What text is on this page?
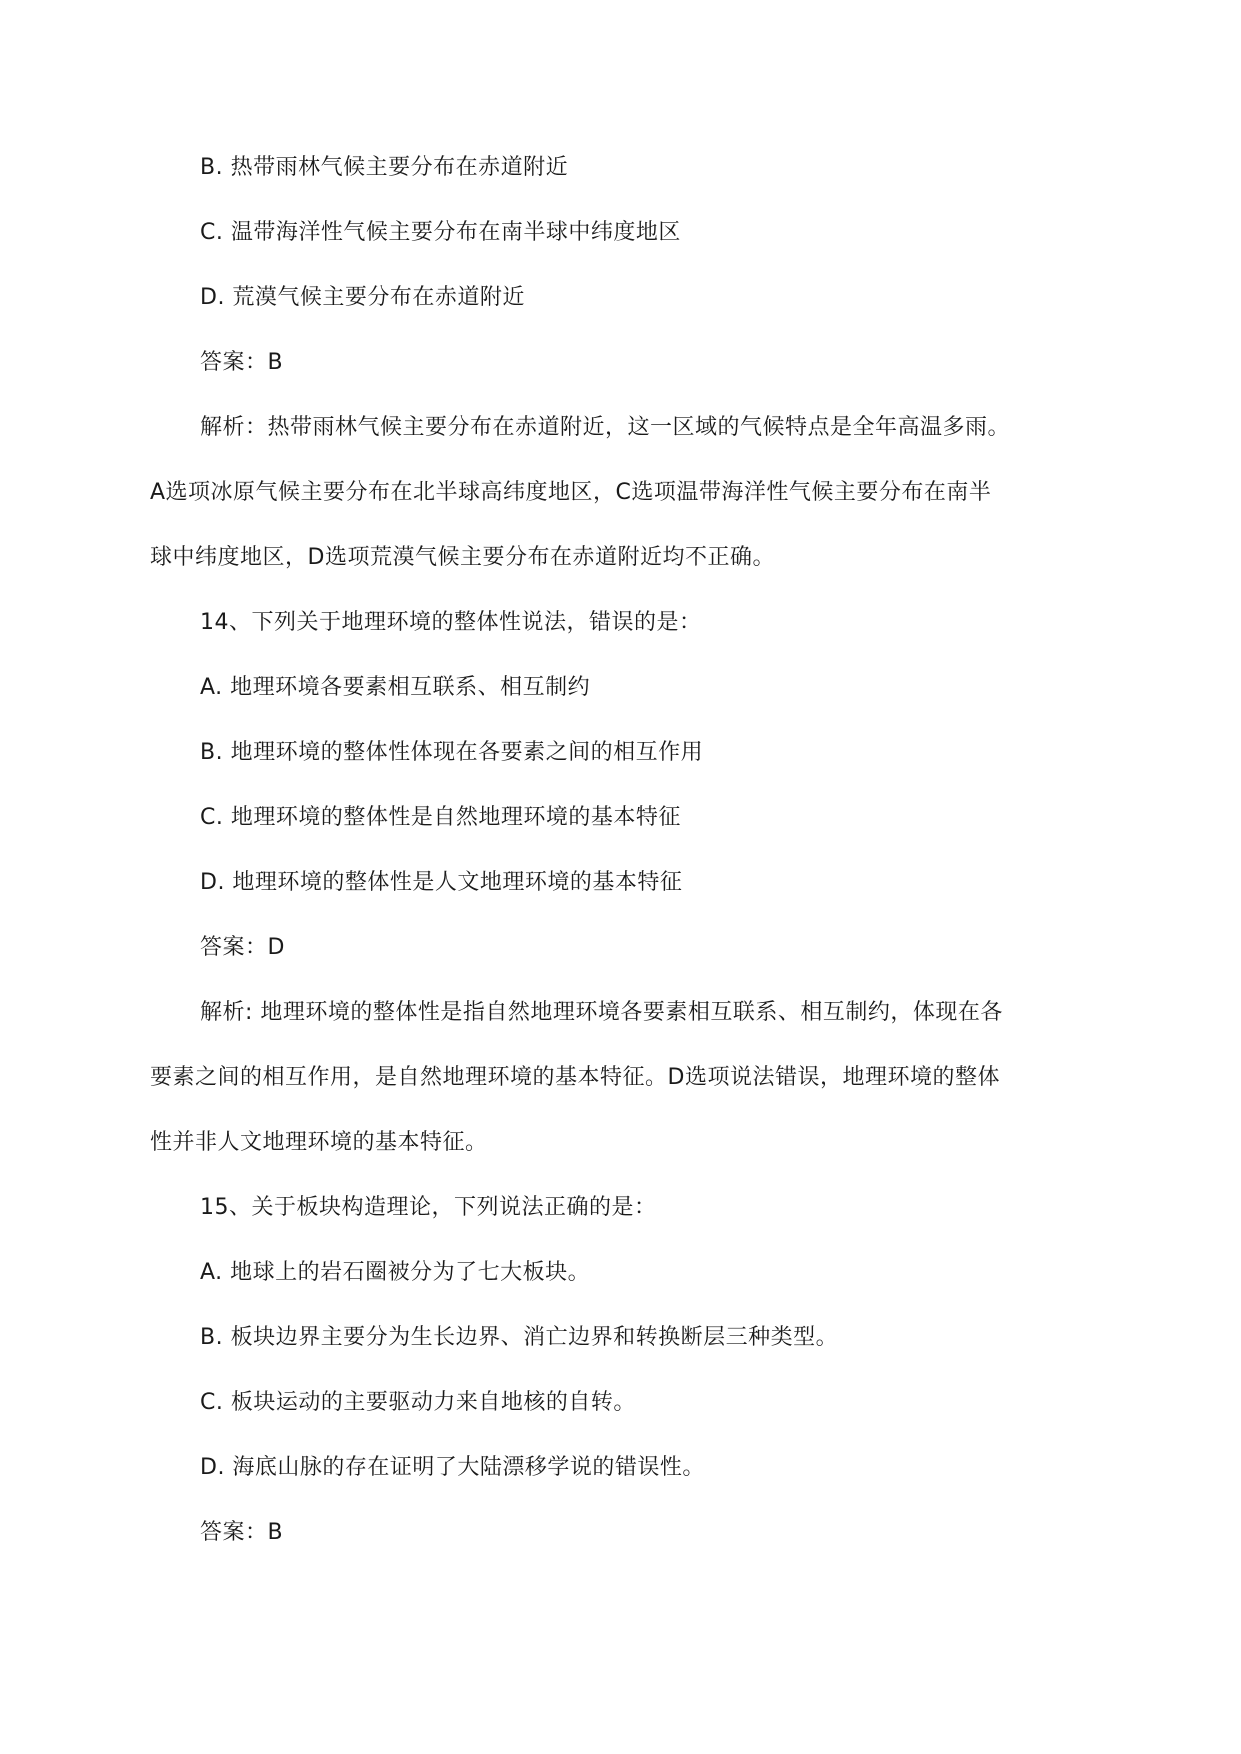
B. 热带雨林气候主要分布在赤道附近
C. 温带海洋性气候主要分布在南半球中纬度地区
D. 荒漠气候主要分布在赤道附近
答案：B
解析：热带雨林气候主要分布在赤道附近，这一区域的气候特点是全年高温多雨。
A选项冰原气候主要分布在北半球高纬度地区，C选项温带海洋性气候主要分布在南半
球中纬度地区，D选项荒漠气候主要分布在赤道附近均不正确。
14、下列关于地理环境的整体性说法，错误的是：
A. 地理环境各要素相互联系、相互制约
B. 地理环境的整体性体现在各要素之间的相互作用
C. 地理环境的整体性是自然地理环境的基本特征
D. 地理环境的整体性是人文地理环境的基本特征
答案：D
解析: 地理环境的整体性是指自然地理环境各要素相互联系、相互制约，体现在各
要素之间的相互作用，是自然地理环境的基本特征。D选项说法错误，地理环境的整体
性并非人文地理环境的基本特征。
15、关于板块构造理论，下列说法正确的是：
A. 地球上的岩石圈被分为了七大板块。
B. 板块边界主要分为生长边界、消亡边界和转换断层三种类型。
C. 板块运动的主要驱动力来自地核的自转。
D. 海底山脉的存在证明了大陆漂移学说的错误性。
答案：B
